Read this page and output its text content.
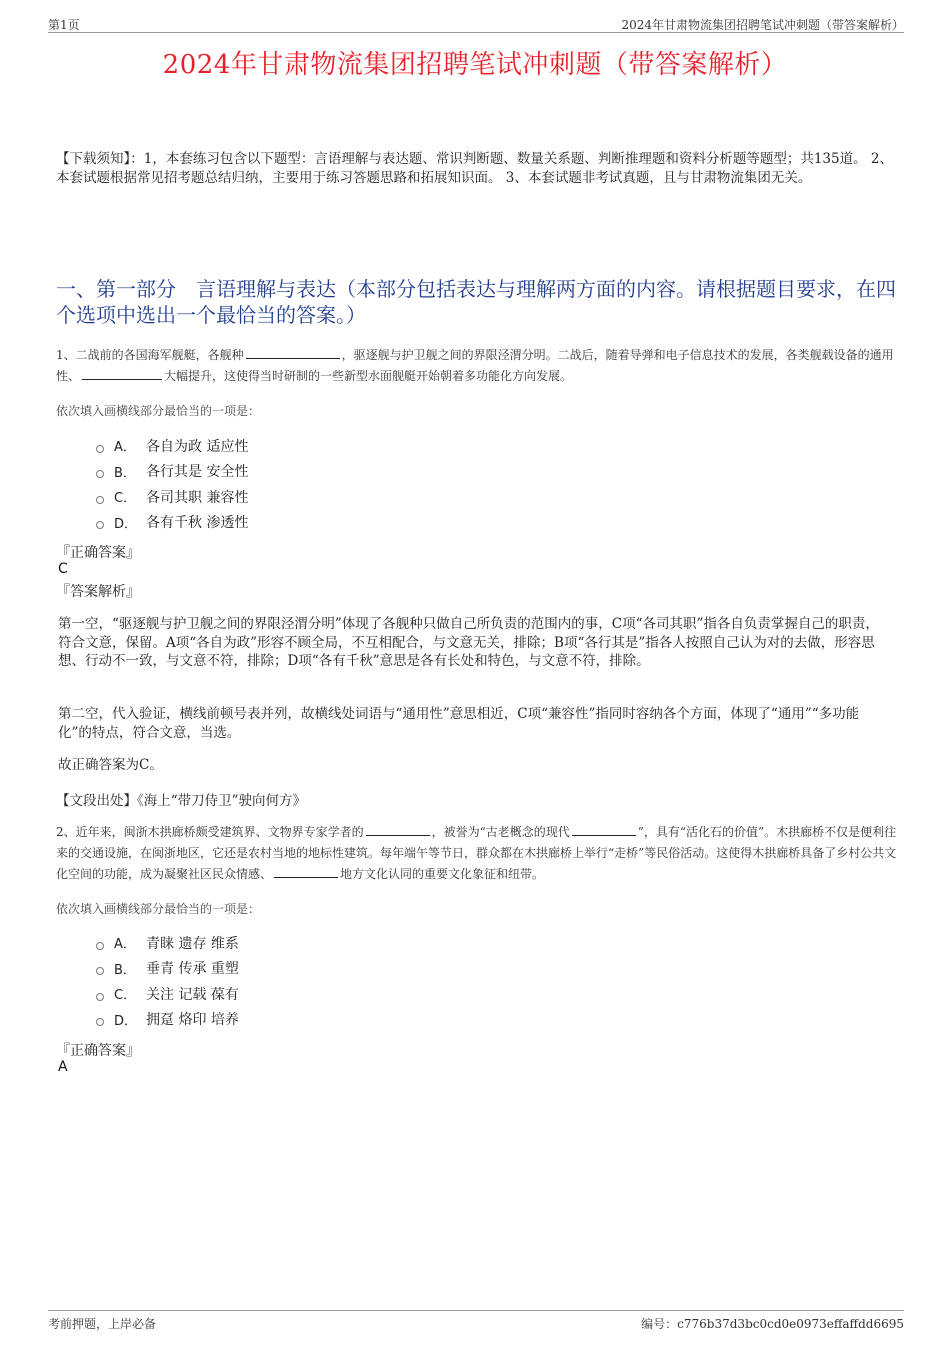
第1页	2024年甘肃物流集团招聘笔试冲刺题（带答案解析）
2024年甘肃物流集团招聘笔试冲刺题（带答案解析）
【下载须知】：1，本套练习包含以下题型：言语理解与表达题、常识判断题、数量关系题、判断推理题和资料分析题等题型；共135道。 2、本套试题根据常见招考题总结归纳，主要用于练习答题思路和拓展知识面。 3、本套试题非考试真题，且与甘肃物流集团无关。
一、第一部分　言语理解与表达（本部分包括表达与理解两方面的内容。请根据题目要求，在四个选项中选出一个最恰当的答案。）
1、二战前的各国海军舰艇，各舰种	，驱逐舰与护卫舰之间的界限泾渭分明。二战后，随着导弹和电子信息技术的发展，各类舰载设备的通用性、	大幅提升，这使得当时研制的一些新型水面舰艇开始朝着多功能化方向发展。
依次填入画横线部分最恰当的一项是：
A． 各自为政 适应性
B． 各行其是 安全性
C． 各司其职 兼容性
D． 各有千秋 渗透性
『正确答案』
C
『答案解析』
第一空，“驱逐舰与护卫舰之间的界限泾渭分明”体现了各舰种只做自己所负责的范围内的事，C项“各司其职”指各自负责掌握自己的职责，符合文意，保留。A项“各自为政”形容不顾全局，不互相配合，与文意无关，排除；B项“各行其是”指各人按照自己认为对的去做，形容思想、行动不一致，与文意不符，排除；D项“各有千秋”意思是各有长处和特色，与文意不符，排除。
第二空，代入验证，横线前顿号表并列，故横线处词语与“通用性”意思相近，C项“兼容性”指同时容纳各个方面，体现了“通用”“多功能化”的特点，符合文意，当选。
故正确答案为C。
【文段出处】《海上“带刀侍卫”驶向何方》
2、近年来，闽浙木拱廊桥颇受建筑界、文物界专家学者的	，被誉为“古老概念的现代	”，具有“活化石的价值”。木拱廊桥不仅是便利往来的交通设施，在闽浙地区，它还是农村当地的地标性建筑。每年端午等节日，群众都在木拱廊桥上举行“走桥”等民俗活动。这使得木拱廊桥具备了乡村公共文化空间的功能，成为凝聚社区民众情感、	地方文化认同的重要文化象征和纽带。
依次填入画横线部分最恰当的一项是：
A． 青睐 遗存 维系
B． 垂青 传承 重塑
C． 关注 记载 葆有
D． 拥趸 烙印 培养
『正确答案』
A
考前押题，上岸必备	编号：c776b37d3bc0cd0e0973effaffdd6695
